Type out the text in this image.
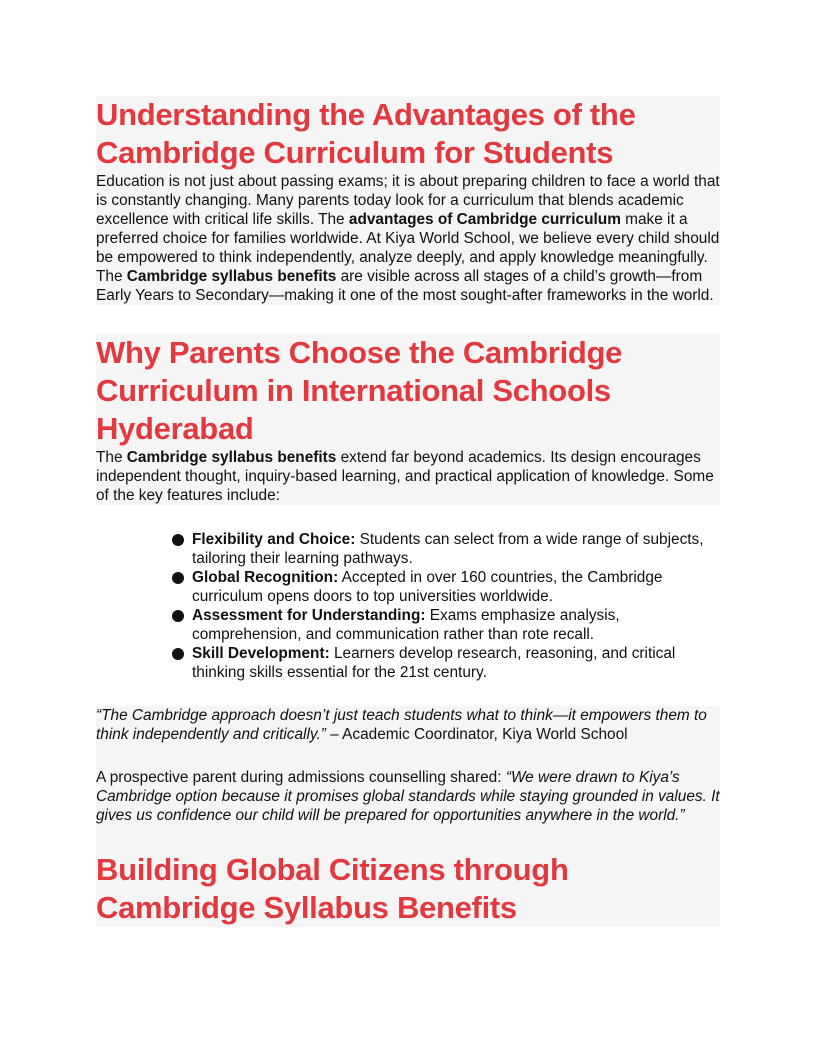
Understanding the Advantages of the Cambridge Curriculum for Students

Education is not just about passing exams; it is about preparing children to face a world that is constantly changing. Many parents today look for a curriculum that blends academic excellence with critical life skills. The advantages of Cambridge curriculum make it a preferred choice for families worldwide. At Kiya World School, we believe every child should be empowered to think independently, analyze deeply, and apply knowledge meaningfully. The Cambridge syllabus benefits are visible across all stages of a child’s growth—from Early Years to Secondary—making it one of the most sought-after frameworks in the world.

Why Parents Choose the Cambridge Curriculum in International Schools Hyderabad

The Cambridge syllabus benefits extend far beyond academics. Its design encourages independent thought, inquiry-based learning, and practical application of knowledge. Some of the key features include:

Flexibility and Choice: Students can select from a wide range of subjects, tailoring their learning pathways.
Global Recognition: Accepted in over 160 countries, the Cambridge curriculum opens doors to top universities worldwide.
Assessment for Understanding: Exams emphasize analysis, comprehension, and communication rather than rote recall.
Skill Development: Learners develop research, reasoning, and critical thinking skills essential for the 21st century.

“The Cambridge approach doesn’t just teach students what to think—it empowers them to think independently and critically.” – Academic Coordinator, Kiya World School

A prospective parent during admissions counselling shared: “We were drawn to Kiya’s Cambridge option because it promises global standards while staying grounded in values. It gives us confidence our child will be prepared for opportunities anywhere in the world.”

Building Global Citizens through Cambridge Syllabus Benefits
